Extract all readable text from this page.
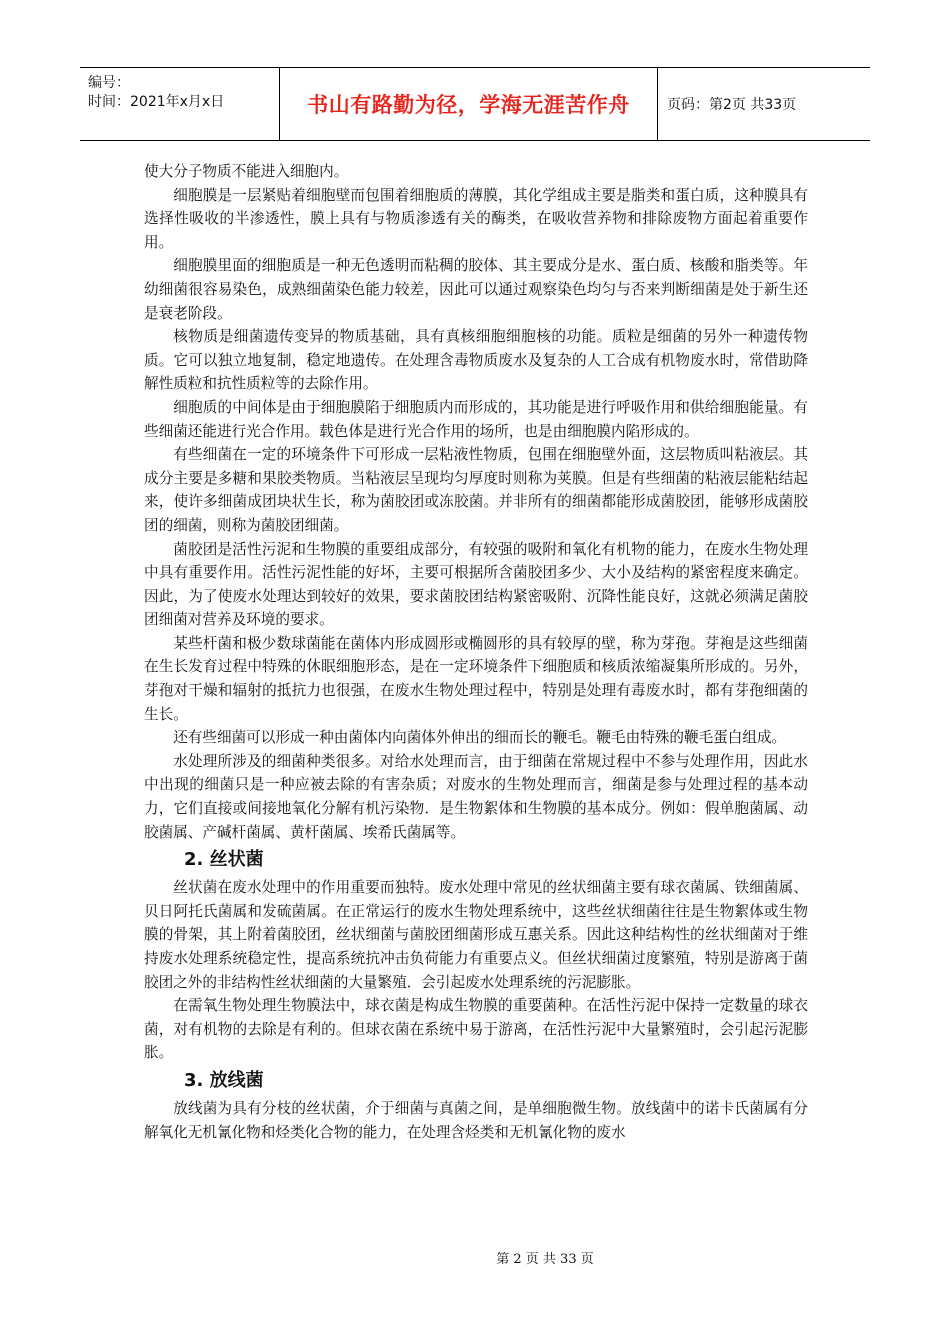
编号：
时间：2021年x月x日	书山有路勤为径，学海无涯苦作舟	页码：第2页 共33页

使大分子物质不能进入细胞内。

细胞膜是一层紧贴着细胞壁而包围着细胞质的薄膜，其化学组成主要是脂类和蛋白质，这种膜具有选择性吸收的半渗透性，膜上具有与物质渗透有关的酶类，在吸收营养物和排除废物方面起着重要作用。

细胞膜里面的细胞质是一种无色透明而粘稠的胶体、其主要成分是水、蛋白质、核酸和脂类等。年幼细菌很容易染色，成熟细菌染色能力较差，因此可以通过观察染色均匀与否来判断细菌是处于新生还是衰老阶段。

核物质是细菌遗传变异的物质基础，具有真核细胞细胞核的功能。质粒是细菌的另外一种遗传物质。它可以独立地复制，稳定地遗传。在处理含毒物质废水及复杂的人工合成有机物废水时，常借助降解性质粒和抗性质粒等的去除作用。

细胞质的中间体是由于细胞膜陷于细胞质内而形成的，其功能是进行呼吸作用和供给细胞能量。有些细菌还能进行光合作用。载色体是进行光合作用的场所，也是由细胞膜内陷形成的。

有些细菌在一定的环境条件下可形成一层粘液性物质，包围在细胞壁外面，这层物质叫粘液层。其成分主要是多糖和果胶类物质。当粘液层呈现均匀厚度时则称为荚膜。但是有些细菌的粘液层能粘结起来，使许多细菌成团块状生长，称为菌胶团或冻胶菌。并非所有的细菌都能形成菌胶团，能够形成菌胶团的细菌，则称为菌胶团细菌。

菌胶团是活性污泥和生物膜的重要组成部分，有较强的吸附和氧化有机物的能力，在废水生物处理中具有重要作用。活性污泥性能的好坏，主要可根据所含菌胶团多少、大小及结构的紧密程度来确定。因此，为了使废水处理达到较好的效果，要求菌胶团结构紧密吸附、沉降性能良好，这就必须满足菌胶团细菌对营养及环境的要求。

某些杆菌和极少数球菌能在菌体内形成圆形或椭圆形的具有较厚的壁，称为芽孢。芽袍是这些细菌在生长发育过程中特殊的休眠细胞形态，是在一定环境条件下细胞质和核质浓缩凝集所形成的。另外，芽孢对干燥和辐射的抵抗力也很强，在废水生物处理过程中，特别是处理有毒废水时，都有芽孢细菌的生长。

还有些细菌可以形成一种由菌体内向菌体外伸出的细而长的鞭毛。鞭毛由特殊的鞭毛蛋白组成。

水处理所涉及的细菌种类很多。对给水处理而言，由于细菌在常规过程中不参与处理作用，因此水中出现的细菌只是一种应被去除的有害杂质；对废水的生物处理而言，细菌是参与处理过程的基本动力，它们直接或间接地氧化分解有机污染物．是生物絮体和生物膜的基本成分。例如：假单胞菌属、动胶菌属、产碱杆菌属、黄杆菌属、埃希氏菌属等。

2. 丝状菌

丝状菌在废水处理中的作用重要而独特。废水处理中常见的丝状细菌主要有球衣菌属、铁细菌属、贝日阿托氏菌属和发硫菌属。在正常运行的废水生物处理系统中，这些丝状细菌往往是生物絮体或生物膜的骨架，其上附着菌胶团，丝状细菌与菌胶团细菌形成互惠关系。因此这种结构性的丝状细菌对于维持废水处理系统稳定性，提高系统抗冲击负荷能力有重要点义。但丝状细菌过度繁殖，特别是游离于菌胶团之外的非结构性丝状细菌的大量繁殖．会引起废水处理系统的污泥膨胀。

在需氧生物处理生物膜法中，球衣菌是构成生物膜的重要菌种。在活性污泥中保持一定数量的球衣菌，对有机物的去除是有利的。但球衣菌在系统中易于游离，在活性污泥中大量繁殖时，会引起污泥膨胀。

3. 放线菌

放线菌为具有分枝的丝状菌，介于细菌与真菌之间，是单细胞微生物。放线菌中的诺卡氏菌属有分解氧化无机氰化物和烃类化合物的能力，在处理含烃类和无机氰化物的废水

第 2 页 共 33 页
